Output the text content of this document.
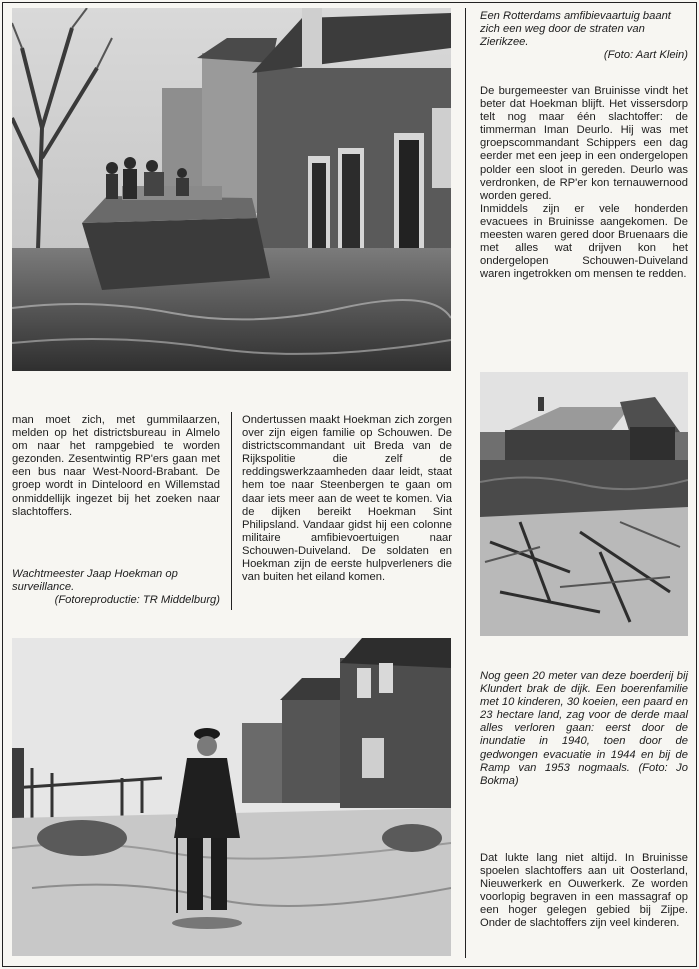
Een Rotterdams amfibievaartuig baant zich een weg door de straten van Zierikzee.
(Foto: Aart Klein)

De burgemeester van Bruinisse vindt het beter dat Hoekman blijft. Het vissersdorp telt nog maar één slachtoffer: de timmerman Iman Deurlo. Hij was met groepscommandant Schippers een dag eerder met een jeep in een ondergelopen polder een sloot in gereden. Deurlo was verdronken, de RP'er kon ternauwernood worden gered.

Inmiddels zijn er vele honderden evacuees in Bruinisse aangekomen. De meesten waren gered door Bruenaars die met alles wat drijven kon het ondergelopen Schouwen-Duiveland waren ingetrokken om mensen te redden.

Nog geen 20 meter van deze boerderij bij Klundert brak de dijk. Een boerenfamilie met 10 kinderen, 30 koeien, een paard en 23 hectare land, zag voor de derde maal alles verloren gaan: eerst door de inundatie in 1940, toen door de gedwongen evacuatie in 1944 en bij de Ramp van 1953 nogmaals. (Foto: Jo Bokma)

Dat lukte lang niet altijd. In Bruinisse spoelen slachtoffers aan uit Oosterland, Nieuwerkerk en Ouwerkerk. Ze worden voorlopig begraven in een massagraf op een hoger gelegen gebied bij Zijpe. Onder de slachtoffers zijn veel kinderen.

man moet zich, met gummilaarzen, melden op het districtsbureau in Almelo om naar het rampgebied te worden gezonden. Zesentwintig RP'ers gaan met een bus naar West-Noord-Brabant. De groep wordt in Dinteloord en Willemstad onmiddellijk ingezet bij het zoeken naar slachtoffers.

Wachtmeester Jaap Hoekman op surveillance.
(Fotoreproductie: TR Middelburg)

Ondertussen maakt Hoekman zich zorgen over zijn eigen familie op Schouwen. De districtscommandant uit Breda van de Rijkspolitie die zelf de reddingswerkzaamheden daar leidt, staat hem toe naar Steenbergen te gaan om daar iets meer aan de weet te komen. Via de dijken bereikt Hoekman Sint Philipsland. Vandaar gidst hij een colonne militaire amfibievoertuigen naar Schouwen-Duiveland. De soldaten en Hoekman zijn de eerste hulpverleners die van buiten het eiland komen.
